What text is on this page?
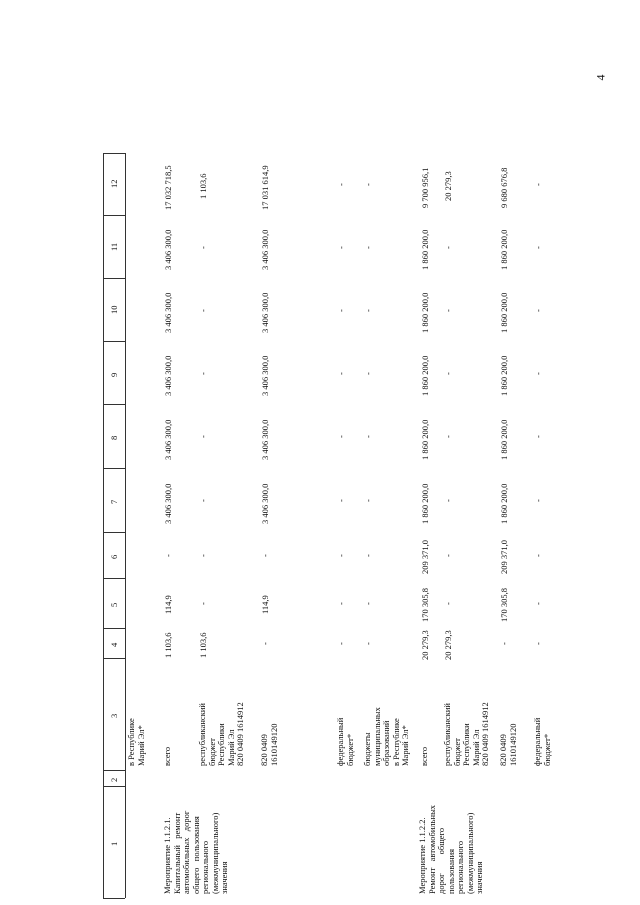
4
1
2
3
4
5
6
7
8
9
10
11
12
в Республике
Марий Эл*
Мероприятие 1.1.2.1.
Капитальный   ремонт
автомобильных   дорог
общего   пользования
регионального
(межмуниципального)
значения
всего
1 103,6
114,9
-
3 406 300,0
3 406 300,0
3 406 300,0
3 406 300,0
3 406 300,0
17 032 718,5
республиканский
бюджет
Республики
Марий Эл
820 0409 1614912
1 103,6
-
-
-
-
-
-
-
1 103,6
820 0409
1610149120
-
114,9
-
3 406 300,0
3 406 300,0
3 406 300,0
3 406 300,0
3 406 300,0
17 031 614,9
федеральный
бюджет*
-
-
-
-
-
-
-
-
-
бюджеты
муниципальных
образований
в Республике
Марий Эл*
-
-
-
-
-
-
-
-
-
Мероприятие 1.1.2.2.
Ремонт   автомобильных
дорог         общего
пользования
регионального
(межмуниципального)
значения
всего
20 279,3
170 305,8
209 371,0
1 860 200,0
1 860 200,0
1 860 200,0
1 860 200,0
1 860 200,0
9 700 956,1
республиканский
бюджет
Республики
Марий Эл
820 0409 1614912
20 279,3
-
-
-
-
-
-
-
20 279,3
820 0409
1610149120
-
170 305,8
209 371,0
1 860 200,0
1 860 200,0
1 860 200,0
1 860 200,0
1 860 200,0
9 680 676,8
федеральный
бюджет*
-
-
-
-
-
-
-
-
-
